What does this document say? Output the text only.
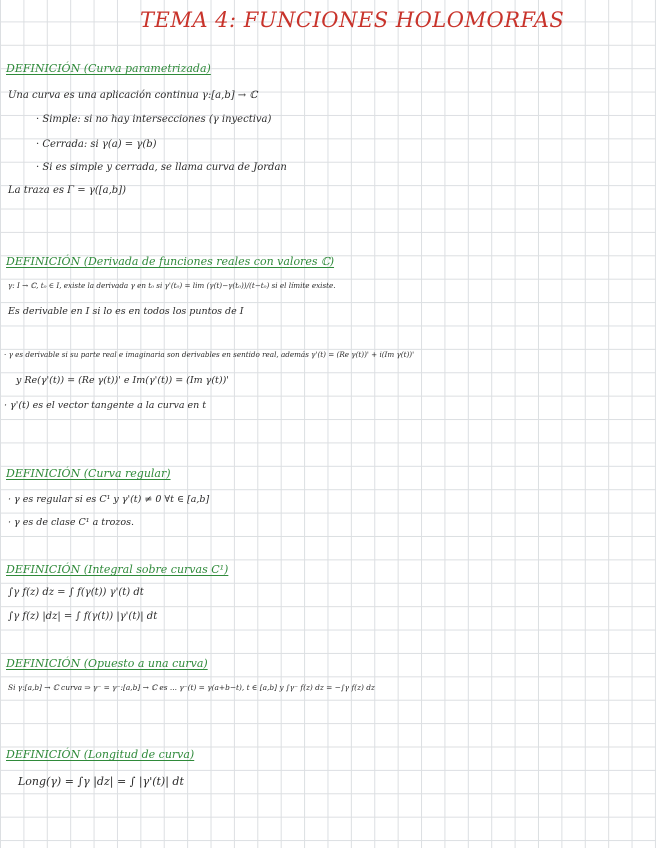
TEMA 4: FUNCIONES HOLOMORFAS
DEFINICIÓN (Curva parametrizada)
Una curva es una aplicación continua γ:[a,b] → ℂ
· Simple: si no hay intersecciones (γ inyectiva)
· Cerrada: si γ(a) = γ(b)
· Si es simple y cerrada, se llama curva de Jordan
La traza es Γ = γ([a,b])
DEFINICIÓN (Derivada de funciones reales con valores ℂ)
γ: I → ℂ, t₀ ∈ I, existe la derivada γ en t₀ si γ'(t₀) = lim (γ(t)−γ(t₀))/(t−t₀) si el límite existe.
Es derivable en I si lo es en todos los puntos de I
· γ es derivable si su parte real e imaginaria son derivables en sentido real, además γ'(t) = (Re γ(t))' + i(Im γ(t))'
y Re(γ'(t)) = (Re γ(t))' e Im(γ'(t)) = (Im γ(t))'
· γ'(t) es el vector tangente a la curva en t
DEFINICIÓN (Curva regular)
· γ es regular si es C¹ y γ'(t) ≠ 0 ∀t ∈ [a,b]
· γ es de clase C¹ a trozos.
DEFINICIÓN (Integral sobre curvas C¹)
∫γ f(z) dz = ∫ f(γ(t)) γ'(t) dt
∫γ f(z) |dz| = ∫ f(γ(t)) |γ'(t)| dt
DEFINICIÓN (Opuesto a una curva)
Si γ:[a,b] → ℂ curva ⇒ γ⁻ = γ⁻:[a,b] → ℂ es ... γ⁻(t) = γ(a+b−t), t ∈ [a,b] y ∫γ⁻ f(z) dz = −∫γ f(z) dz
DEFINICIÓN (Longitud de curva)
Long(γ) = ∫γ |dz| = ∫ |γ'(t)| dt
